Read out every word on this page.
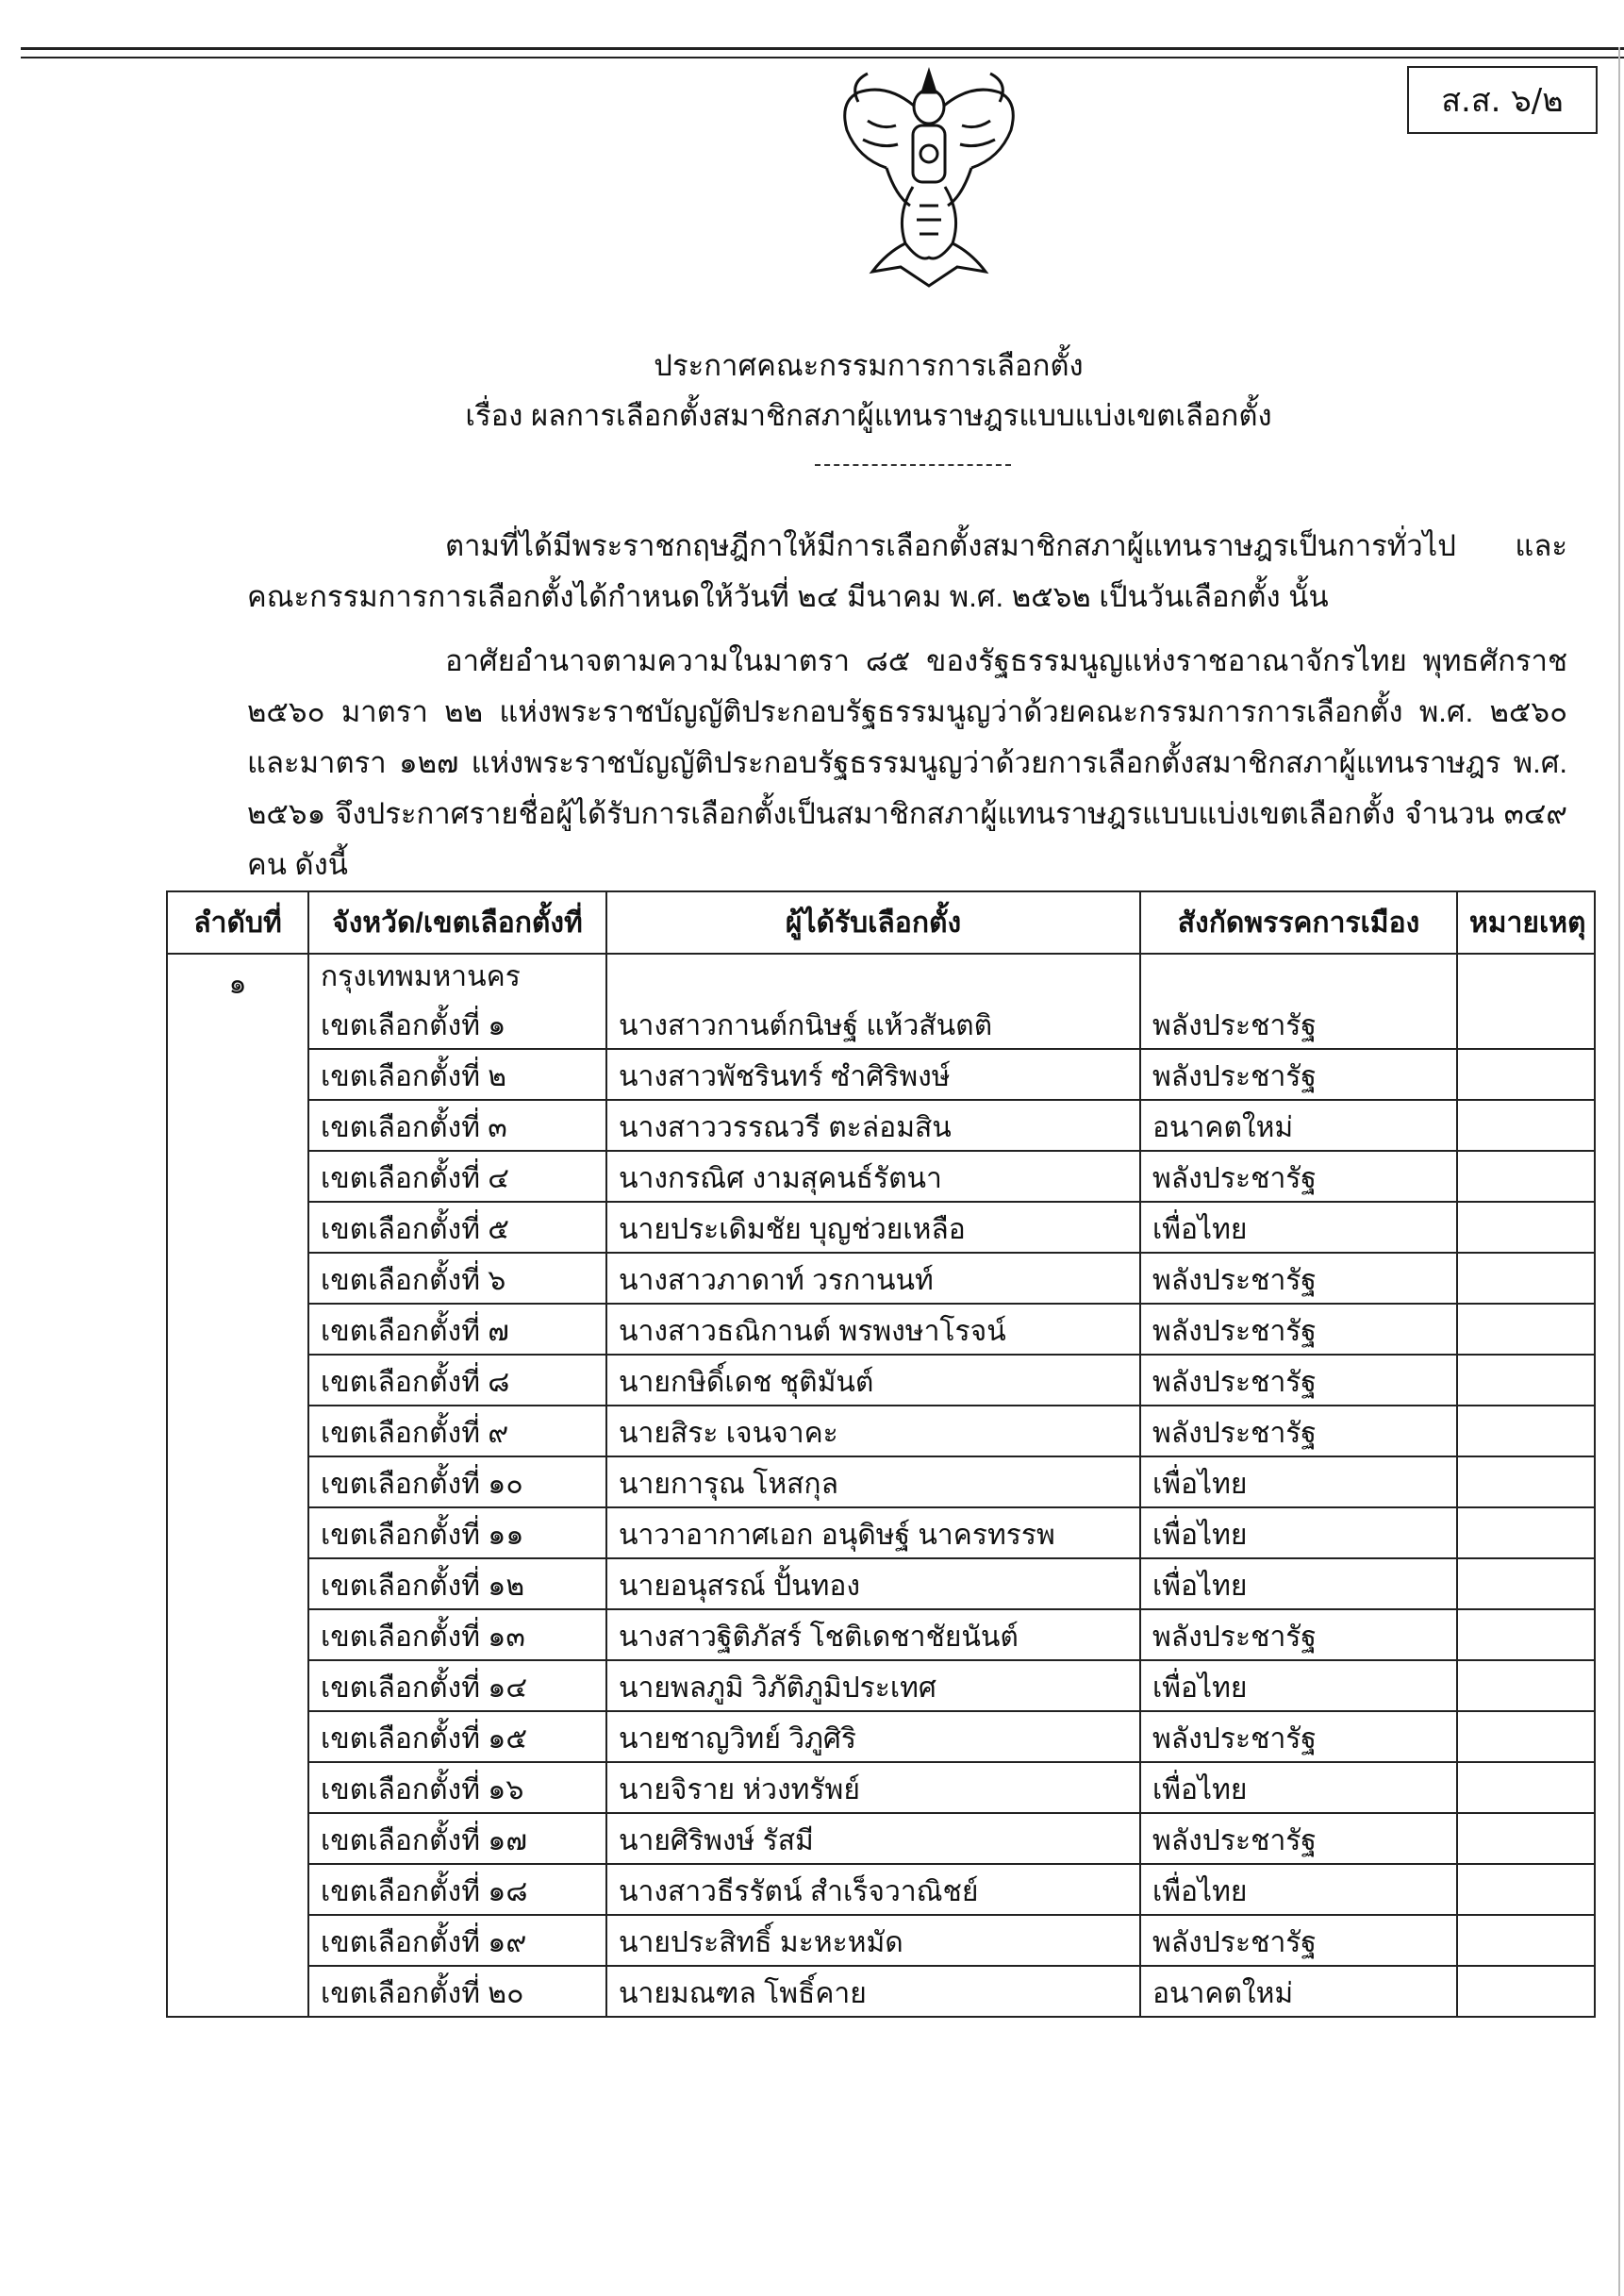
ส.ส. ๖/๒
ประกาศคณะกรรมการการเลือกตั้ง
เรื่อง ผลการเลือกตั้งสมาชิกสภาผู้แทนราษฎรแบบแบ่งเขตเลือกตั้ง
ตามที่ได้มีพระราชกฤษฎีกาให้มีการเลือกตั้งสมาชิกสภาผู้แทนราษฎรเป็นการทั่วไป และคณะกรรมการการเลือกตั้งได้กำหนดให้วันที่ ๒๔ มีนาคม พ.ศ. ๒๕๖๒ เป็นวันเลือกตั้ง นั้น
อาศัยอำนาจตามความในมาตรา ๘๕ ของรัฐธรรมนูญแห่งราชอาณาจักรไทย พุทธศักราช ๒๕๖๐ มาตรา ๒๒ แห่งพระราชบัญญัติประกอบรัฐธรรมนูญว่าด้วยคณะกรรมการการเลือกตั้ง พ.ศ. ๒๕๖๐ และมาตรา ๑๒๗ แห่งพระราชบัญญัติประกอบรัฐธรรมนูญว่าด้วยการเลือกตั้งสมาชิกสภาผู้แทนราษฎร พ.ศ. ๒๕๖๑ จึงประกาศรายชื่อผู้ได้รับการเลือกตั้งเป็นสมาชิกสภาผู้แทนราษฎรแบบแบ่งเขตเลือกตั้ง จำนวน ๓๔๙ คน ดังนี้
ลำดับที่	จังหวัด/เขตเลือกตั้งที่	ผู้ได้รับเลือกตั้ง	สังกัดพรรคการเมือง	หมายเหตุ
๑	กรุงเทพมหานคร			
	เขตเลือกตั้งที่ ๑	นางสาวกานต์กนิษฐ์ แห้วสันตติ	พลังประชารัฐ	
	เขตเลือกตั้งที่ ๒	นางสาวพัชรินทร์ ซำศิริพงษ์	พลังประชารัฐ	
	เขตเลือกตั้งที่ ๓	นางสาววรรณวรี ตะล่อมสิน	อนาคตใหม่	
	เขตเลือกตั้งที่ ๔	นางกรณิศ งามสุคนธ์รัตนา	พลังประชารัฐ	
	เขตเลือกตั้งที่ ๕	นายประเดิมชัย บุญช่วยเหลือ	เพื่อไทย	
	เขตเลือกตั้งที่ ๖	นางสาวภาดาท์ วรกานนท์	พลังประชารัฐ	
	เขตเลือกตั้งที่ ๗	นางสาวธณิกานต์ พรพงษาโรจน์	พลังประชารัฐ	
	เขตเลือกตั้งที่ ๘	นายกษิดิ์เดช ชุติมันต์	พลังประชารัฐ	
	เขตเลือกตั้งที่ ๙	นายสิระ เจนจาคะ	พลังประชารัฐ	
	เขตเลือกตั้งที่ ๑๐	นายการุณ โหสกุล	เพื่อไทย	
	เขตเลือกตั้งที่ ๑๑	นาวาอากาศเอก อนุดิษฐ์ นาครทรรพ	เพื่อไทย	
	เขตเลือกตั้งที่ ๑๒	นายอนุสรณ์ ปั้นทอง	เพื่อไทย	
	เขตเลือกตั้งที่ ๑๓	นางสาวฐิติภัสร์ โชติเดชาชัยนันต์	พลังประชารัฐ	
	เขตเลือกตั้งที่ ๑๔	นายพลภูมิ วิภัติภูมิประเทศ	เพื่อไทย	
	เขตเลือกตั้งที่ ๑๕	นายชาญวิทย์ วิภูศิริ	พลังประชารัฐ	
	เขตเลือกตั้งที่ ๑๖	นายจิราย ห่วงทรัพย์	เพื่อไทย	
	เขตเลือกตั้งที่ ๑๗	นายศิริพงษ์ รัสมี	พลังประชารัฐ	
	เขตเลือกตั้งที่ ๑๘	นางสาวธีรรัตน์ สำเร็จวาณิชย์	เพื่อไทย	
	เขตเลือกตั้งที่ ๑๙	นายประสิทธิ์ มะหะหมัด	พลังประชารัฐ	
	เขตเลือกตั้งที่ ๒๐	นายมณฑล โพธิ์คาย	อนาคตใหม่	
